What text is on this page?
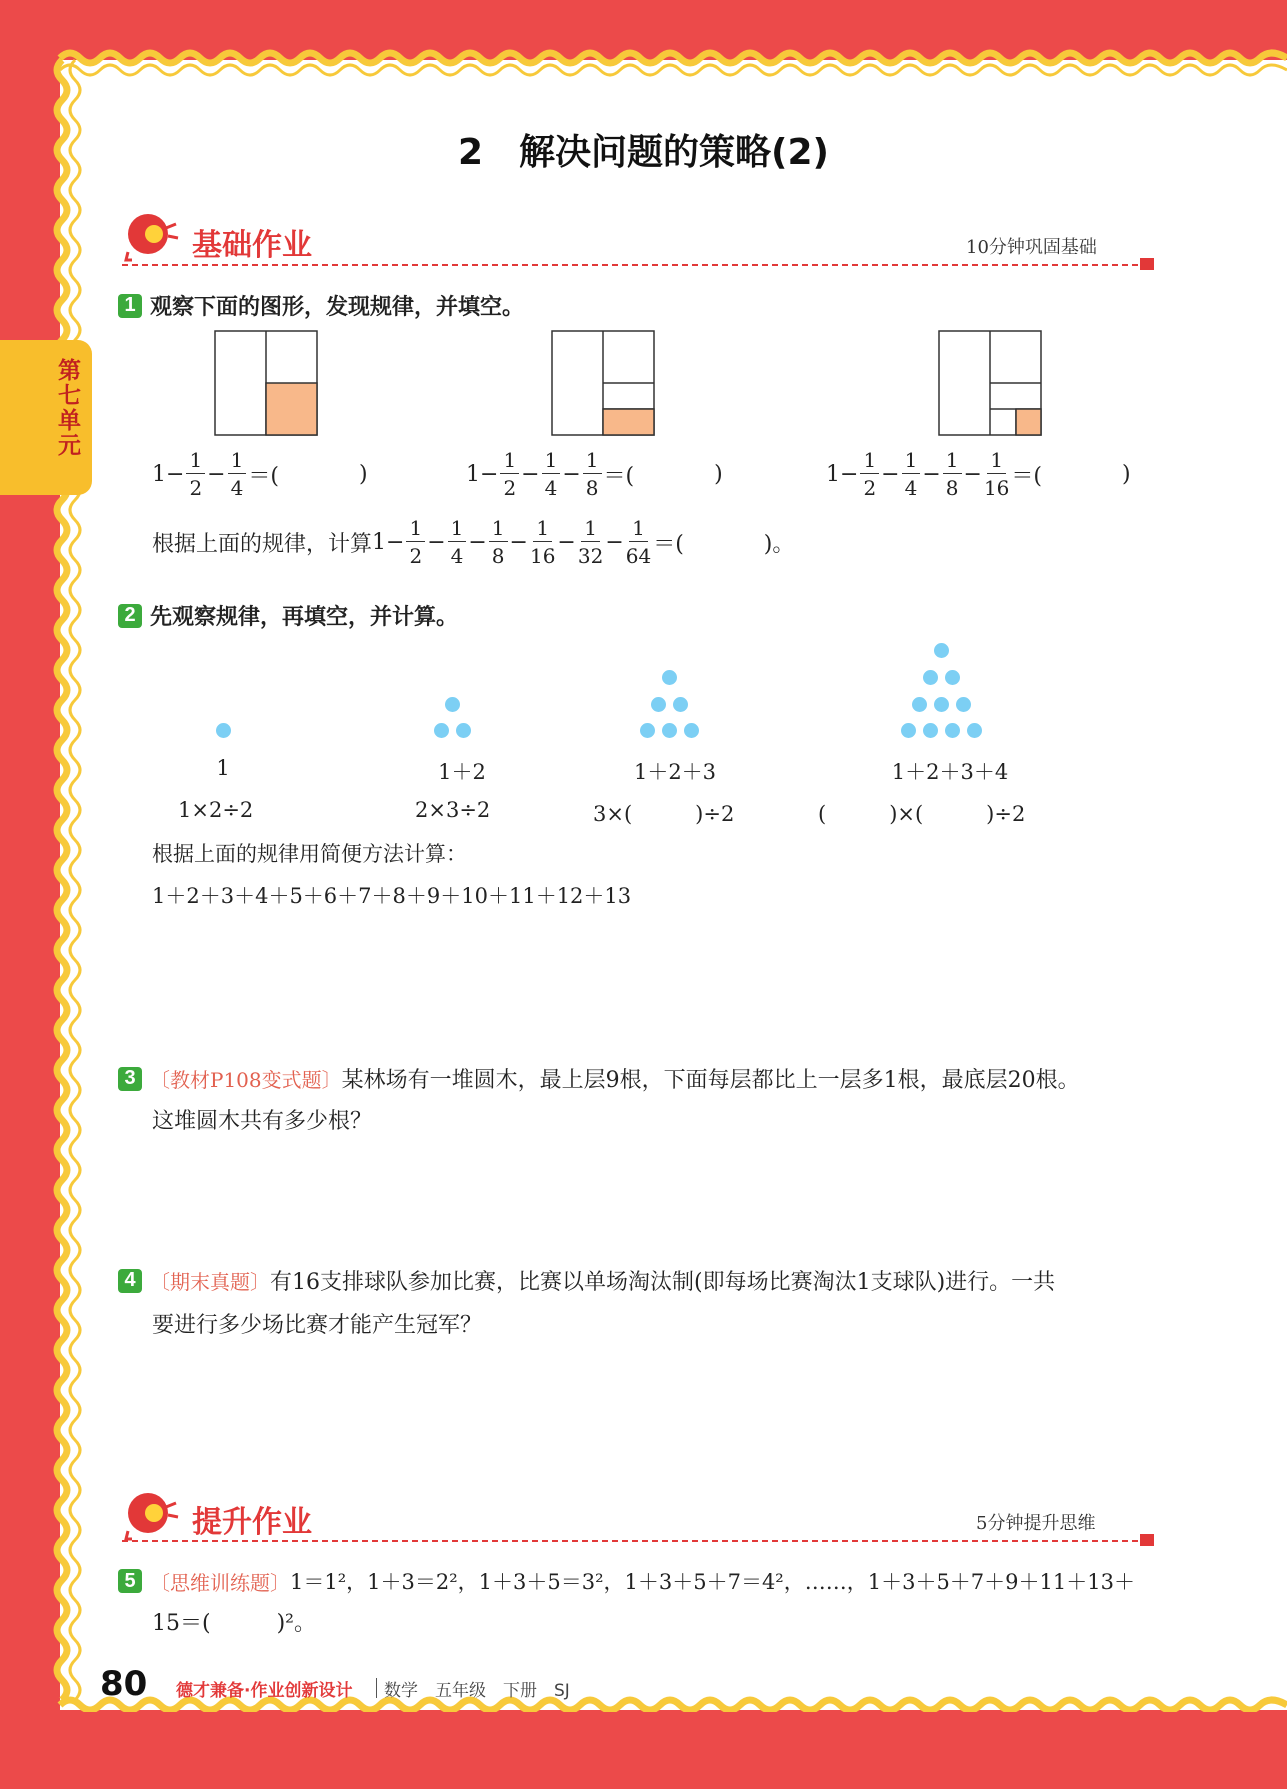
第七单元
2　解决问题的策略(2)
基础作业	10分钟巩固基础
1 观察下面的图形，发现规律，并填空。
$1- \frac{1}{2} - \frac{1}{4}$ ＝(	)	$1- \frac{1}{2} - \frac{1}{4} - \frac{1}{8}$ ＝(	)	$1- \frac{1}{2} - \frac{1}{4} - \frac{1}{8} - \frac{1}{16}$ ＝(	)
根据上面的规律，计算 $1- \frac{1}{2} - \frac{1}{4} - \frac{1}{8} - \frac{1}{16} - \frac{1}{32} - \frac{1}{64}$ ＝(	)。
2 先观察规律，再填空，并计算。
1	1＋2	1＋2＋3	1＋2＋3＋4
1×2÷2	2×3÷2	3×(　　　)÷2	(　　　)×(　　　)÷2
根据上面的规律用简便方法计算：
1＋2＋3＋4＋5＋6＋7＋8＋9＋10＋11＋12＋13
3 〔教材P108变式题〕 某林场有一堆圆木，最上层9根，下面每层都比上一层多1根，最底层20根。
这堆圆木共有多少根？
4 〔期末真题〕 有16支排球队参加比赛，比赛以单场淘汰制(即每场比赛淘汰1支球队)进行。一共
要进行多少场比赛才能产生冠军？
提升作业	5分钟提升思维
5 〔思维训练题〕 1＝1²，1＋3＝2²，1＋3＋5＝3²，1＋3＋5＋7＝4²，……，1＋3＋5＋7＋9＋11＋13＋
15＝(　　　)²。
80 德才兼备·作业创新设计 数学　五年级　下册　SJ
